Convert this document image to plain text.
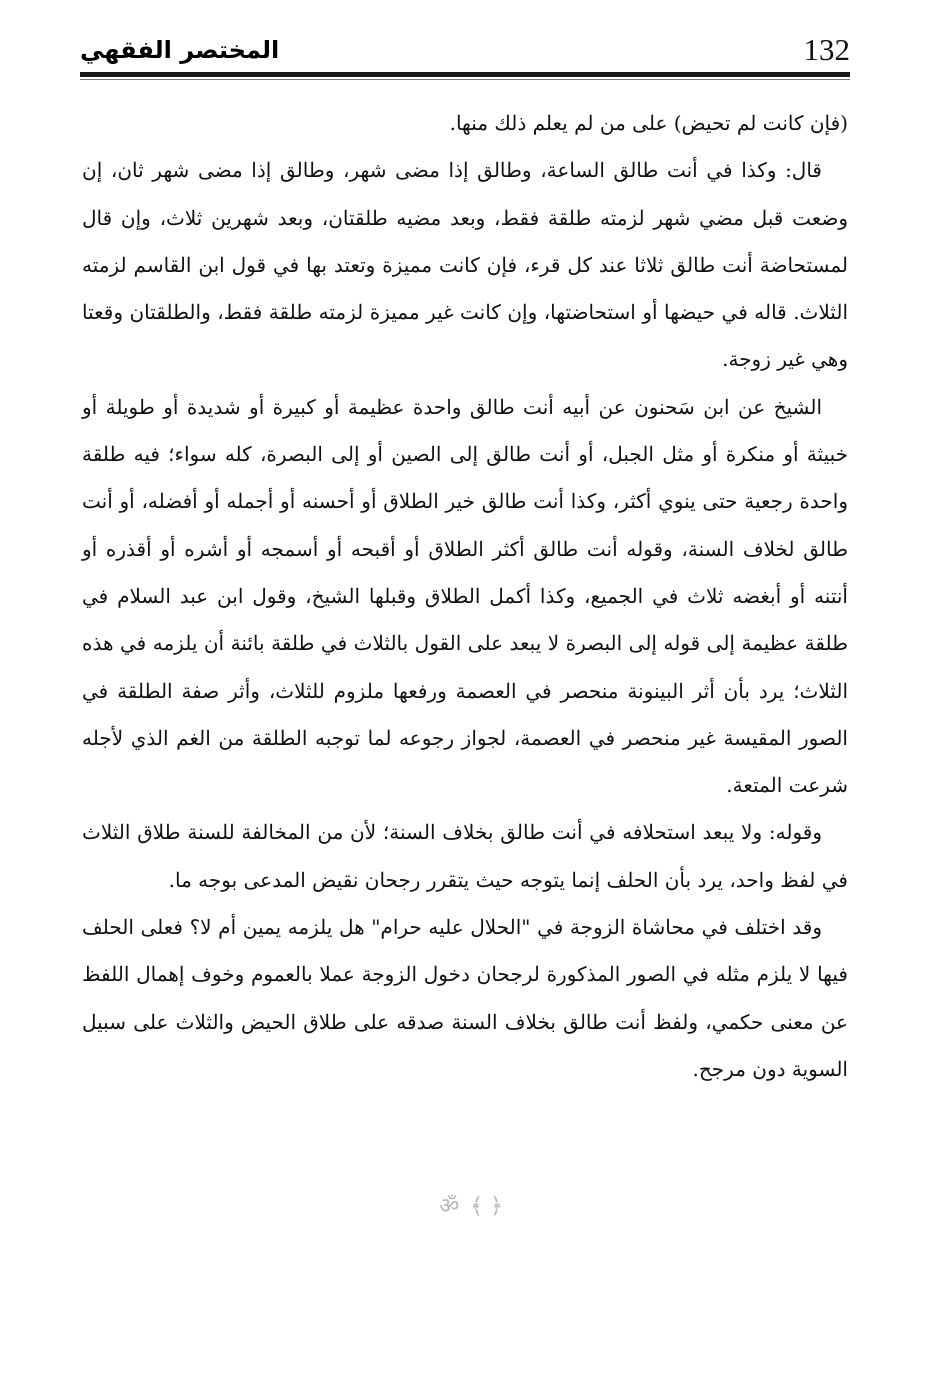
132
المختصر الفقهي

(فإن كانت لم تحيض) على من لم يعلم ذلك منها.

قال: وكذا في أنت طالق الساعة، وطالق إذا مضى شهر، وطالق إذا مضى شهر ثان، إن وضعت قبل مضي شهر لزمته طلقة فقط، وبعد مضيه طلقتان، وبعد شهرين ثلاث، وإن قال لمستحاضة أنت طالق ثلاثا عند كل قرء، فإن كانت مميزة وتعتد بها في قول ابن القاسم لزمته الثلاث. قاله في حيضها أو استحاضتها، وإن كانت غير مميزة لزمته طلقة فقط، والطلقتان وقعتا وهي غير زوجة.

الشيخ عن ابن سَحنون عن أبيه أنت طالق واحدة عظيمة أو كبيرة أو شديدة أو طويلة أو خبيثة أو منكرة أو مثل الجبل، أو أنت طالق إلى الصين أو إلى البصرة، كله سواء؛ فيه طلقة واحدة رجعية حتى ينوي أكثر، وكذا أنت طالق خير الطلاق أو أحسنه أو أجمله أو أفضله، أو أنت طالق لخلاف السنة، وقوله أنت طالق أكثر الطلاق أو أقبحه أو أسمجه أو أشره أو أقذره أو أنتنه أو أبغضه ثلاث في الجميع، وكذا أكمل الطلاق وقبلها الشيخ، وقول ابن عبد السلام في طلقة عظيمة إلى قوله إلى البصرة لا يبعد على القول بالثلاث في طلقة بائنة أن يلزمه في هذه الثلاث؛ يرد بأن أثر البينونة منحصر في العصمة ورفعها ملزوم للثلاث، وأثر صفة الطلقة في الصور المقيسة غير منحصر في العصمة، لجواز رجوعه لما توجبه الطلقة من الغم الذي لأجله شرعت المتعة.

وقوله: ولا يبعد استحلافه في أنت طالق بخلاف السنة؛ لأن من المخالفة للسنة طلاق الثلاث في لفظ واحد، يرد بأن الحلف إنما يتوجه حيث يتقرر رجحان نقيض المدعى بوجه ما.

وقد اختلف في محاشاة الزوجة في "الحلال عليه حرام" هل يلزمه يمين أم لا؟ فعلى الحلف فيها لا يلزم مثله في الصور المذكورة لرجحان دخول الزوجة عملا بالعموم وخوف إهمال اللفظ عن معنى حكمي، ولفظ أنت طالق بخلاف السنة صدقه على طلاق الحيض والثلاث على سبيل السوية دون مرجح.

ॐ ﴾ ﴿
